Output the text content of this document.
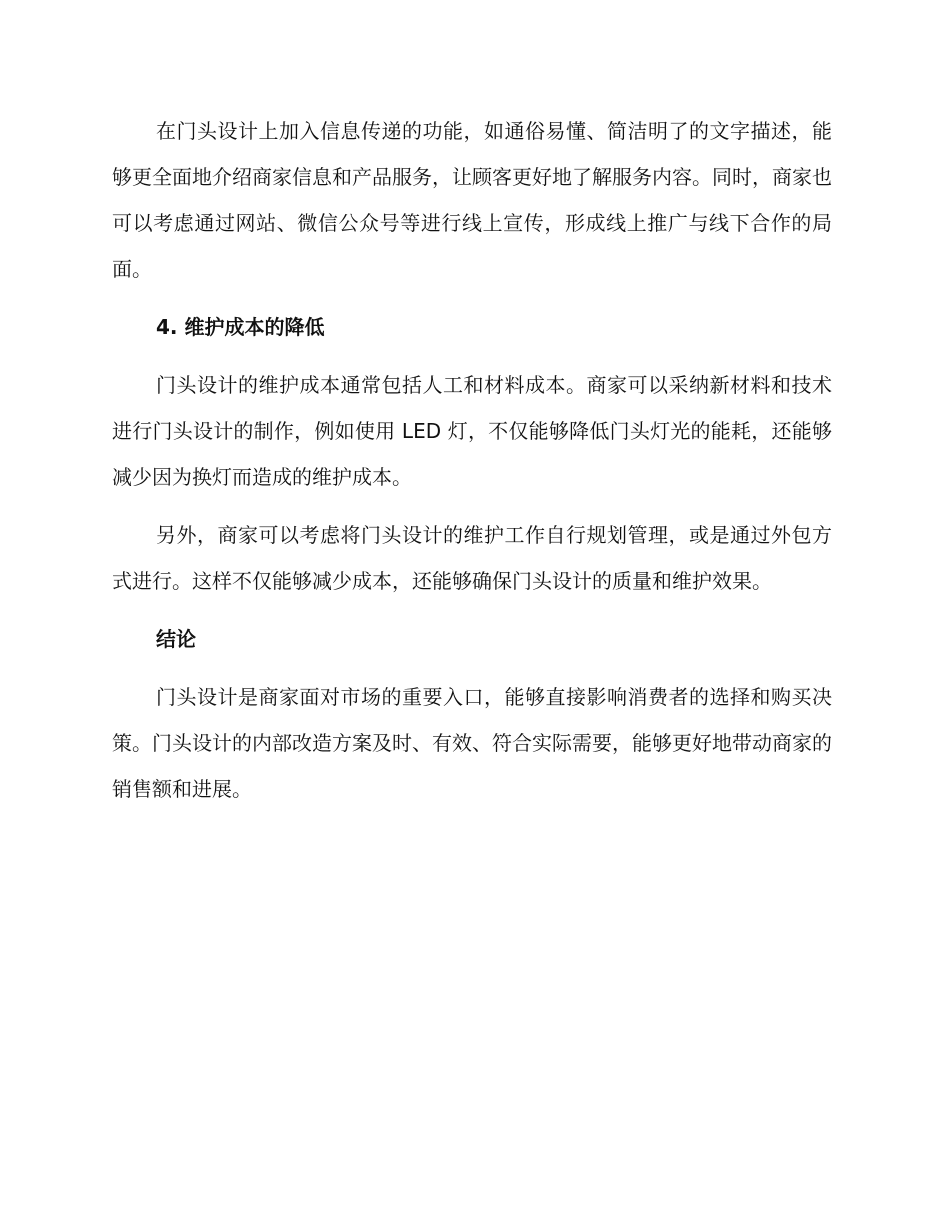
在门头设计上加入信息传递的功能，如通俗易懂、简洁明了的文字描述，能够更全面地介绍商家信息和产品服务，让顾客更好地了解服务内容。同时，商家也可以考虑通过网站、微信公众号等进行线上宣传，形成线上推广与线下合作的局面。

4. 维护成本的降低

门头设计的维护成本通常包括人工和材料成本。商家可以采纳新材料和技术进行门头设计的制作，例如使用 LED 灯，不仅能够降低门头灯光的能耗，还能够减少因为换灯而造成的维护成本。

另外，商家可以考虑将门头设计的维护工作自行规划管理，或是通过外包方式进行。这样不仅能够减少成本，还能够确保门头设计的质量和维护效果。

结论

门头设计是商家面对市场的重要入口，能够直接影响消费者的选择和购买决策。门头设计的内部改造方案及时、有效、符合实际需要，能够更好地带动商家的销售额和进展。
